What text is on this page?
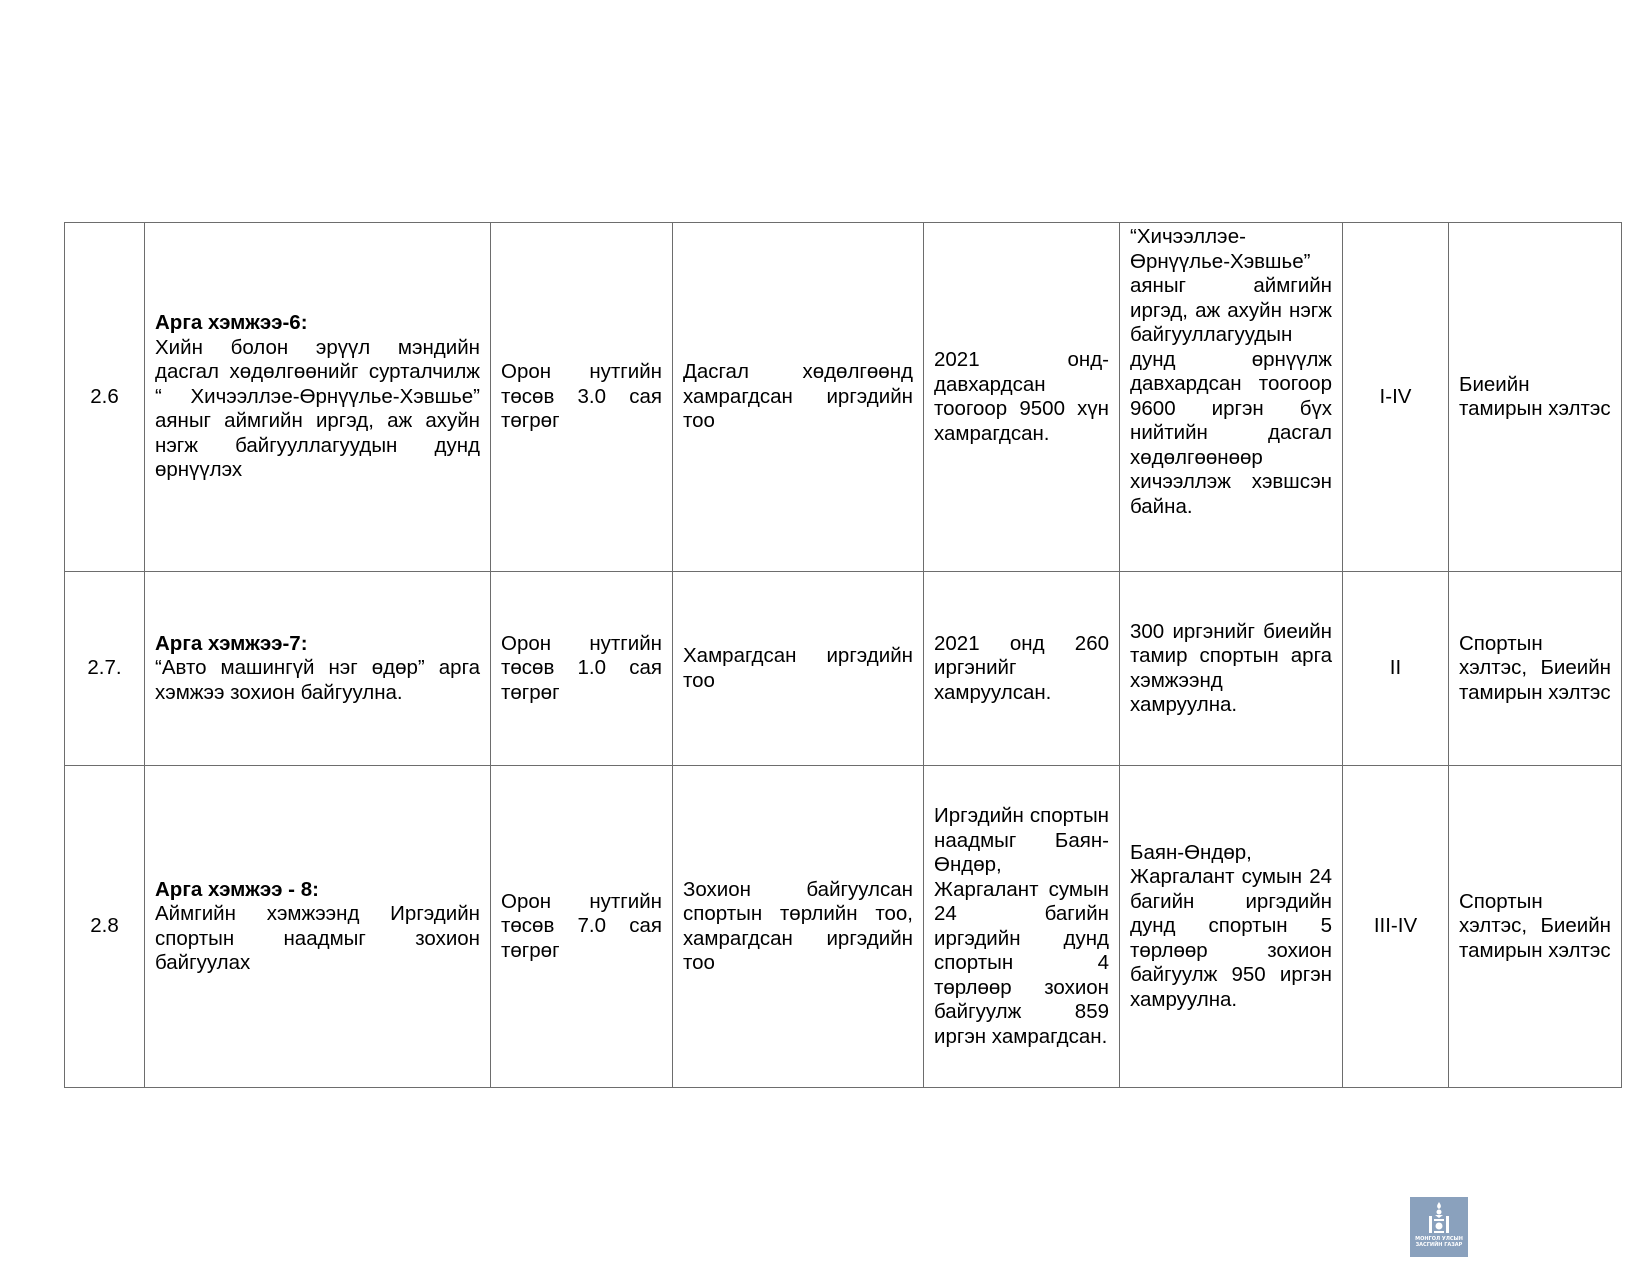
2.6	Арга хэмжээ-6:

Хийн болон эрүүл мэндийн дасгал хөдөлгөөнийг сурталчилж “ Хичээллэе-Өрнүүлье-Хэвшье” аяныг аймгийн иргэд, аж ахуйн нэгж байгууллагуудын дунд өрнүүлэх	Орон нутгийн төсөв 3.0 сая төгрөг	Дасгал хөдөлгөөнд хамрагдсан иргэдийн тоо	2021 онд- давхардсан тоогоор 9500 хүн хамрагдсан.	“Хичээллэе-Өрнүүлье-Хэвшье” аяныг аймгийн иргэд, аж ахуйн нэгж байгууллагуудын дунд өрнүүлж давхардсан тоогоор 9600 иргэн бүх нийтийн дасгал хөдөлгөөнөөр хичээллэж хэвшсэн байна.	I-IV	Биеийн тамирын хэлтэс
2.7.	Арга хэмжээ-7:

“Авто машингүй нэг өдөр” арга хэмжээ зохион байгуулна.	Орон нутгийн төсөв 1.0 сая төгрөг	Хамрагдсан иргэдийн тоо	2021 онд 260 иргэнийг хамруулсан.	300 иргэнийг биеийн тамир спортын арга хэмжээнд хамруулна.	II	Спортын хэлтэс, Биеийн тамирын хэлтэс
2.8	Арга хэмжээ - 8:

Аймгийн хэмжээнд Иргэдийн спортын наадмыг зохион байгуулах	Орон нутгийн төсөв 7.0 сая төгрөг	Зохион байгуулсан спортын төрлийн тоо, хамрагдсан иргэдийн тоо	Иргэдийн спортын наадмыг Баян-Өндөр, Жаргалант сумын 24 багийн иргэдийн дунд спортын 4 төрлөөр зохион байгуулж 859 иргэн хамрагдсан.	Баян-Өндөр, Жаргалант сумын 24 багийн иргэдийн дунд спортын 5 төрлөөр зохион байгуулж 950 иргэн хамруулна.	III-IV	Спортын хэлтэс, Биеийн тамирын хэлтэс
МОНГОЛ УЛСЫН
ЗАСГИЙН ГАЗАР
